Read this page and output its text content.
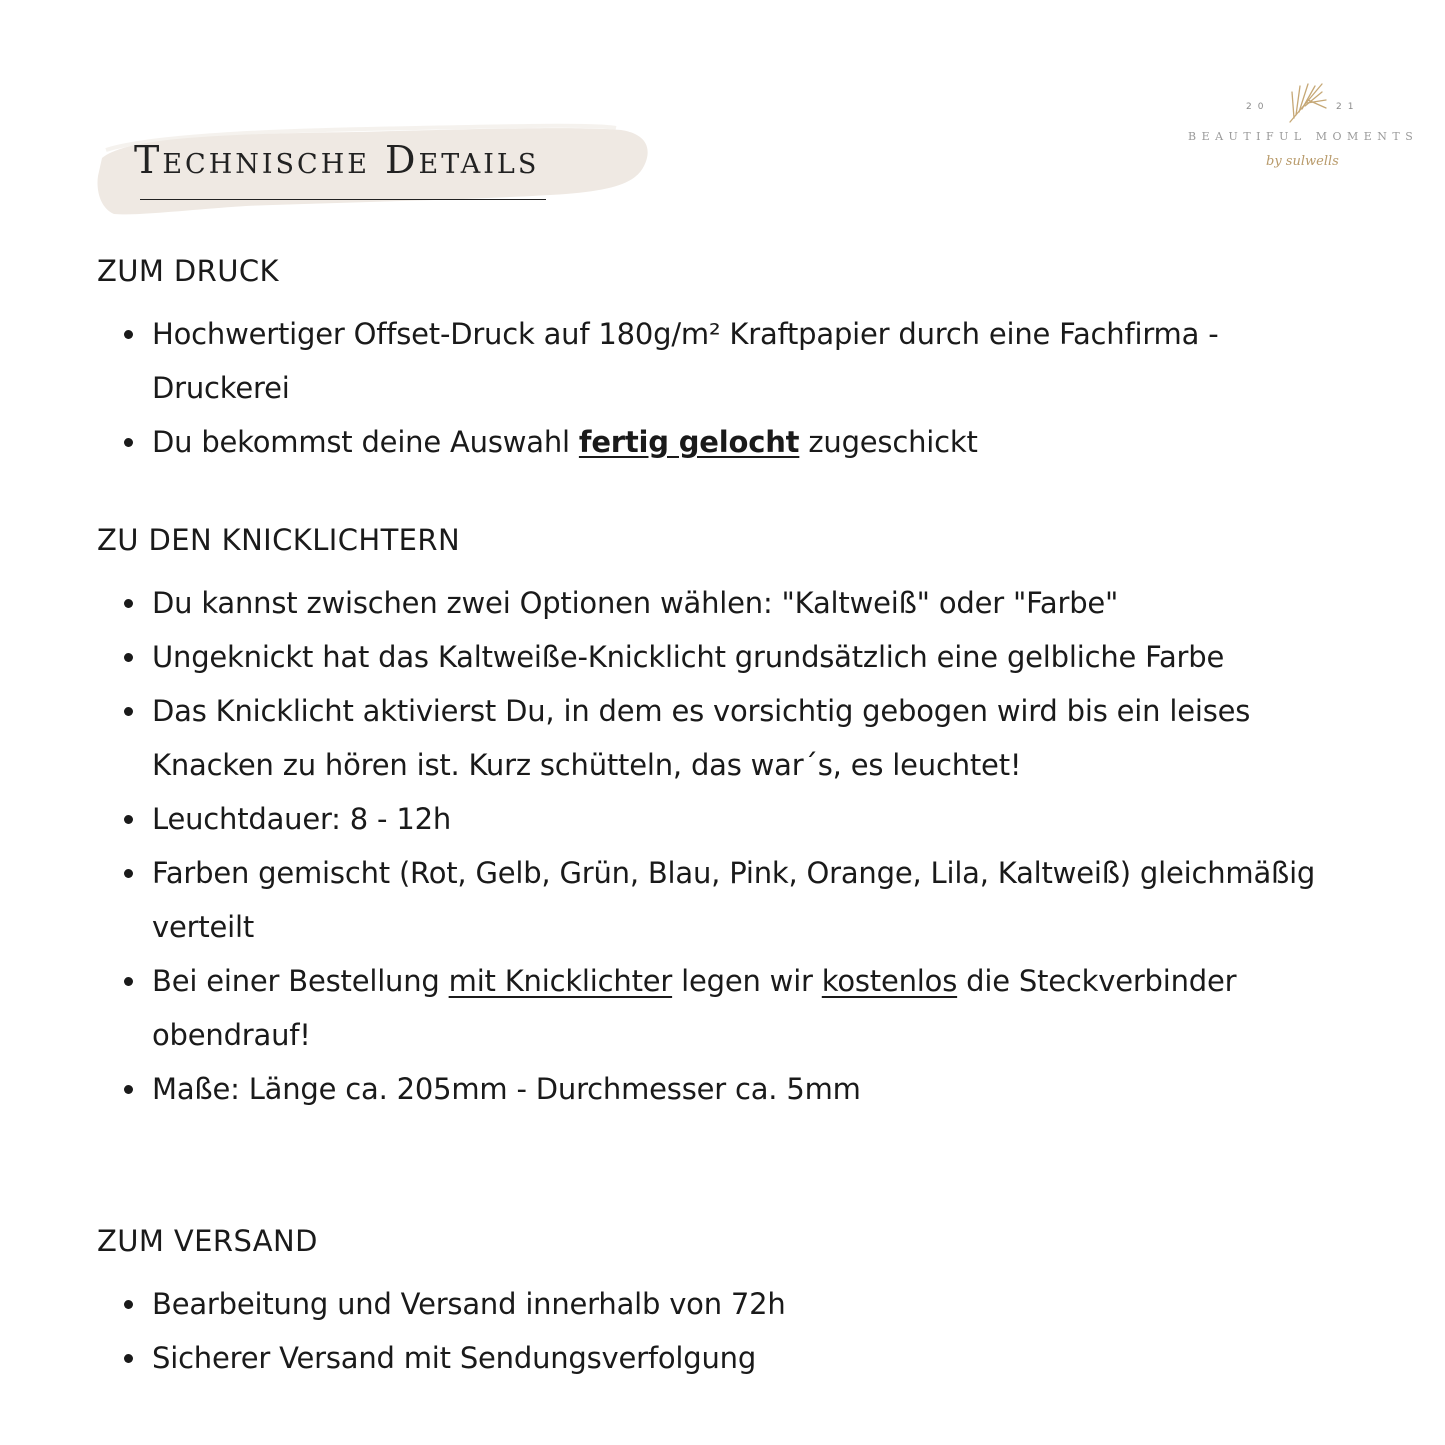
Technische Details
20	21
BEAUTIFUL MOMENTS
by sulwells
ZUM DRUCK
Hochwertiger Offset-Druck auf 180g/m² Kraftpapier durch eine Fachfirma - Druckerei
Du bekommst deine Auswahl fertig gelocht zugeschickt
ZU DEN KNICKLICHTERN
Du kannst zwischen zwei Optionen wählen: "Kaltweiß" oder "Farbe"
Ungeknickt hat das Kaltweiße-Knicklicht grundsätzlich eine gelbliche Farbe
Das Knicklicht aktivierst Du, in dem es vorsichtig gebogen wird bis ein leises Knacken zu hören ist. Kurz schütteln, das war´s, es leuchtet!
Leuchtdauer: 8 - 12h
Farben gemischt (Rot, Gelb, Grün, Blau, Pink, Orange, Lila, Kaltweiß) gleichmäßig verteilt
Bei einer Bestellung mit Knicklichter legen wir kostenlos die Steckverbinder obendrauf!
Maße: Länge ca. 205mm - Durchmesser ca. 5mm
ZUM VERSAND
Bearbeitung und Versand innerhalb von 72h
Sicherer Versand mit Sendungsverfolgung
